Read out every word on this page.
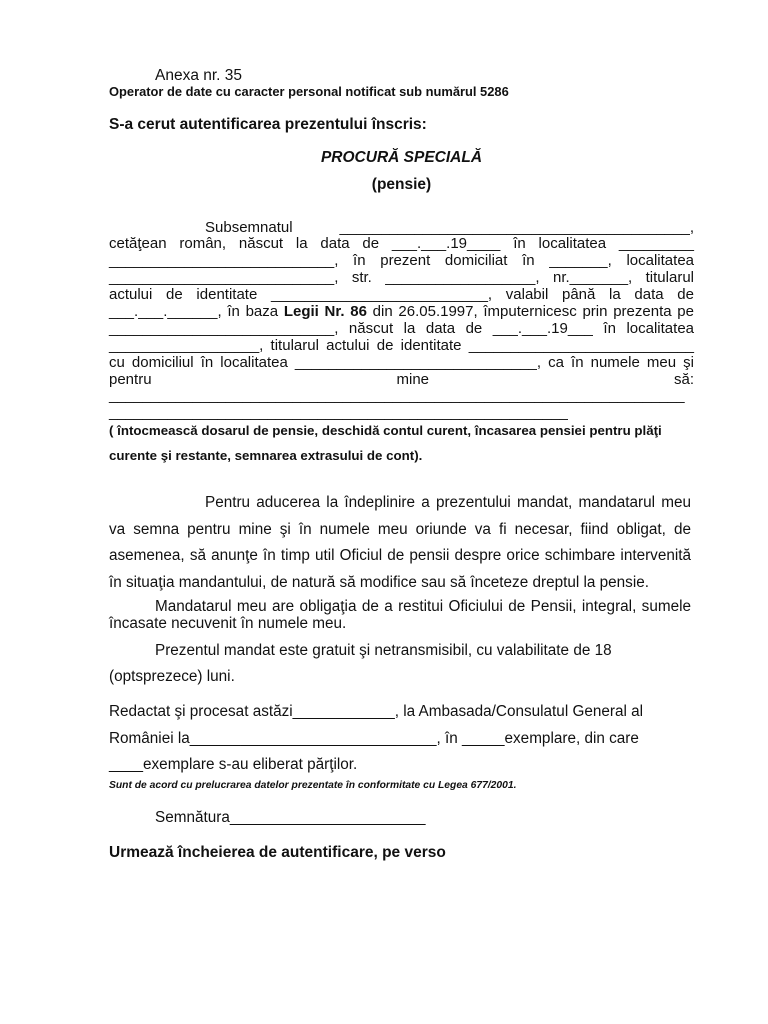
Anexa nr. 35
Operator de date cu caracter personal notificat sub numărul 5286
S-a cerut autentificarea prezentului înscris:
PROCURĂ SPECIALĂ
(pensie)
Subsemnatul __________________________________________,
cetăţean român, născut la data de ___.___.19____ în localitatea _________
___________________________, în prezent domiciliat în _______, localitatea
___________________________, str. __________________, nr._______, titularul
actului de identitate __________________________, valabil până la data de
___.___.______, în baza Legii Nr. 86 din 26.05.1997, împuternicesc prin prezenta pe
___________________________, născut la data de ___.___.19___ în localitatea
__________________, titularul actului de identitate ___________________________
cu domiciliul în localitatea _____________________________, ca în numele meu şi
pentru mine să:
_____________________________________________________________________
_______________________________________________________
( întocmească dosarul de pensie, deschidă contul curent, încasarea pensiei pentru plăţi
curente şi restante, semnarea extrasului de cont).
Pentru aducerea la îndeplinire a prezentului mandat, mandatarul meu
va semna pentru mine şi în numele meu oriunde va fi necesar, fiind obligat, de
asemenea, să anunţe în timp util Oficiul de pensii despre orice schimbare intervenită
în situaţia mandantului, de natură să modifice sau să înceteze dreptul la pensie.
Mandatarul meu are obligaţia de a restitui Oficiului de Pensii, integral, sumele
încasate necuvenit în numele meu.
Prezentul mandat este gratuit şi netransmisibil, cu valabilitate de 18
(optsprezece) luni.
Redactat şi procesat astăzi____________, la Ambasada/Consulatul General al
României la_____________________________, în _____exemplare, din care
____exemplare s-au eliberat părţilor.
Sunt de acord cu prelucrarea datelor prezentate în conformitate cu Legea 677/2001.
Semnătura_______________________
Urmează încheierea de autentificare, pe verso
